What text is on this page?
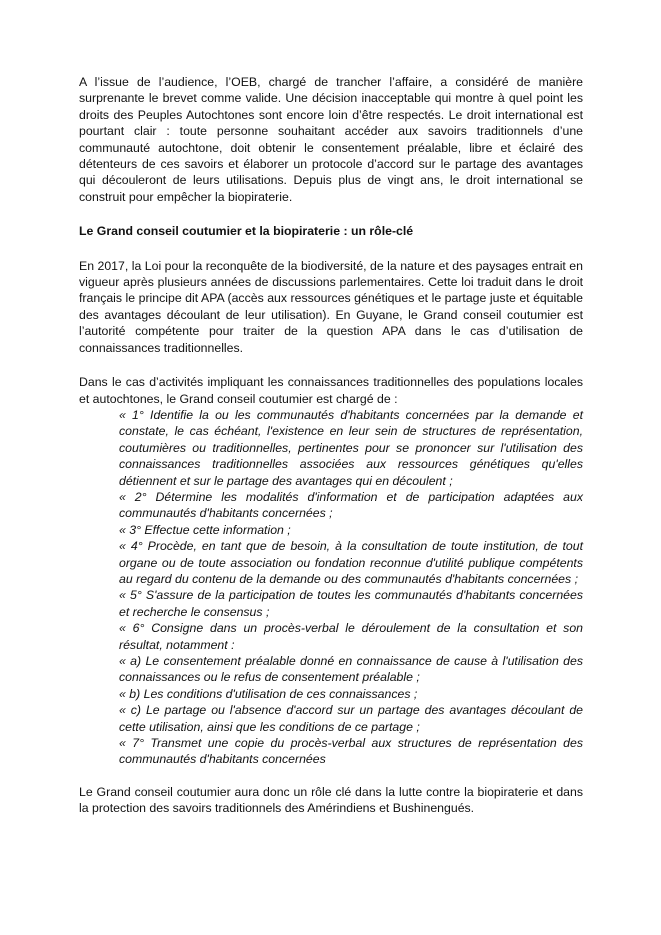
A l’issue de l’audience, l’OEB, chargé de trancher l’affaire, a considéré de manière surprenante le brevet comme valide. Une décision inacceptable qui montre à quel point les droits des Peuples Autochtones sont encore loin d’être respectés. Le droit international est pourtant clair : toute personne souhaitant accéder aux savoirs traditionnels d’une communauté autochtone, doit obtenir le consentement préalable, libre et éclairé des détenteurs de ces savoirs et élaborer un protocole d’accord sur le partage des avantages qui découleront de leurs utilisations. Depuis plus de vingt ans, le droit international se construit pour empêcher la biopiraterie.

Le Grand conseil coutumier et la biopiraterie : un rôle-clé

En 2017, la Loi pour la reconquête de la biodiversité, de la nature et des paysages entrait en vigueur après plusieurs années de discussions parlementaires. Cette loi traduit dans le droit français le principe dit APA (accès aux ressources génétiques et le partage juste et équitable des avantages découlant de leur utilisation). En Guyane, le Grand conseil coutumier est l’autorité compétente pour traiter de la question APA dans le cas d’utilisation de connaissances traditionnelles.

Dans le cas d’activités impliquant les connaissances traditionnelles des populations locales et autochtones, le Grand conseil coutumier est chargé de :

« 1° Identifie la ou les communautés d'habitants concernées par la demande et constate, le cas échéant, l'existence en leur sein de structures de représentation, coutumières ou traditionnelles, pertinentes pour se prononcer sur l'utilisation des connaissances traditionnelles associées aux ressources génétiques qu'elles détiennent et sur le partage des avantages qui en découlent ;
« 2° Détermine les modalités d'information et de participation adaptées aux communautés d'habitants concernées ;
« 3° Effectue cette information ;
« 4° Procède, en tant que de besoin, à la consultation de toute institution, de tout organe ou de toute association ou fondation reconnue d'utilité publique compétents au regard du contenu de la demande ou des communautés d'habitants concernées ;
« 5° S'assure de la participation de toutes les communautés d'habitants concernées et recherche le consensus ;
« 6° Consigne dans un procès-verbal le déroulement de la consultation et son résultat, notamment :
« a) Le consentement préalable donné en connaissance de cause à l'utilisation des connaissances ou le refus de consentement préalable ;
« b) Les conditions d'utilisation de ces connaissances ;
« c) Le partage ou l'absence d'accord sur un partage des avantages découlant de cette utilisation, ainsi que les conditions de ce partage ;
« 7° Transmet une copie du procès-verbal aux structures de représentation des communautés d'habitants concernées

Le Grand conseil coutumier aura donc un rôle clé dans la lutte contre la biopiraterie et dans la protection des savoirs traditionnels des Amérindiens et Bushinengués.
